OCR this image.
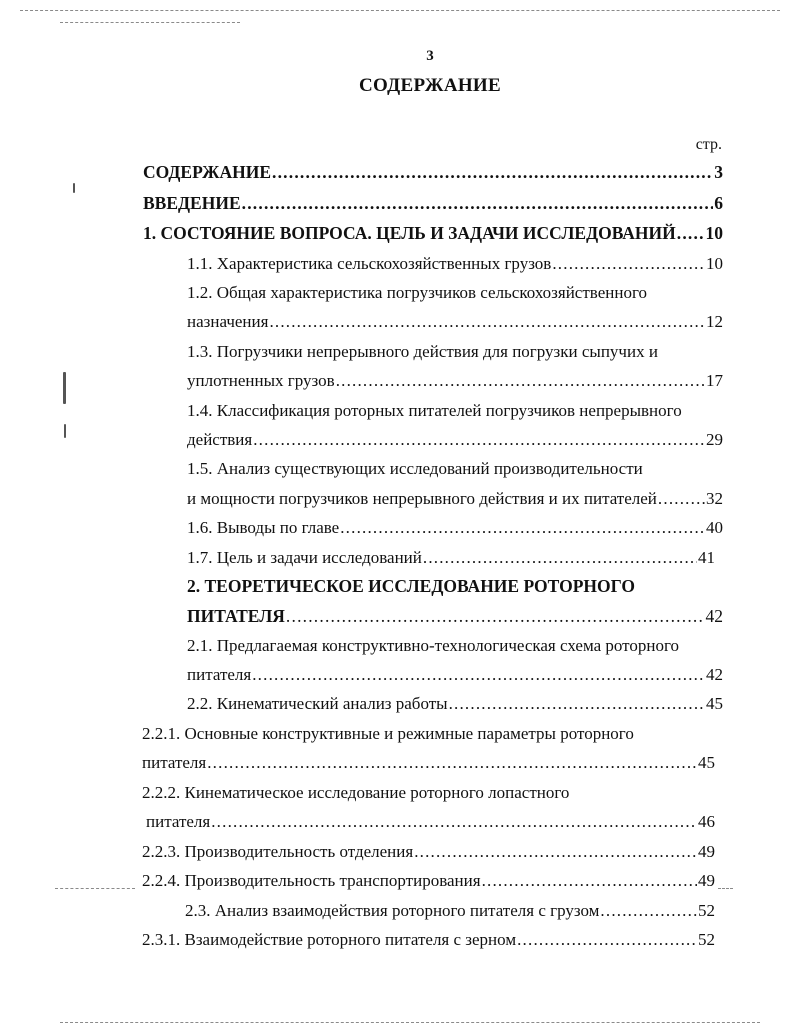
3
СОДЕРЖАНИЕ
стр.
СОДЕРЖАНИЕ .....	3
ВВЕДЕНИЕ .....	6
1. СОСТОЯНИЕ ВОПРОСА. ЦЕЛЬ И ЗАДАЧИ ИССЛЕДОВАНИЙ ..... 10
1.1. Характеристика сельскохозяйственных грузов .....	10
1.2. Общая характеристика погрузчиков сельскохозяйственного
назначения .....	12
1.3. Погрузчики непрерывного действия для погрузки сыпучих и
уплотненных грузов .....	17
1.4. Классификация роторных питателей погрузчиков непрерывного
действия .....	29
1.5. Анализ существующих исследований производительности
и мощности погрузчиков непрерывного действия и их питателей .....	32
1.6. Выводы по главе .....	40
1.7. Цель и задачи исследований .....	41
2. ТЕОРЕТИЧЕСКОЕ ИССЛЕДОВАНИЕ РОТОРНОГО
ПИТАТЕЛЯ .....	42
2.1. Предлагаемая конструктивно-технологическая схема роторного
питателя .....	42
2.2. Кинематический анализ работы .....	45
2.2.1. Основные конструктивные и режимные параметры роторного
питателя .....	45
2.2.2. Кинематическое исследование роторного лопастного
питателя .....	46
2.2.3. Производительность отделения .....	49
2.2.4. Производительность транспортирования .....	49
2.3. Анализ взаимодействия роторного питателя с грузом .....	52
2.3.1. Взаимодействие роторного питателя с зерном .....	52
